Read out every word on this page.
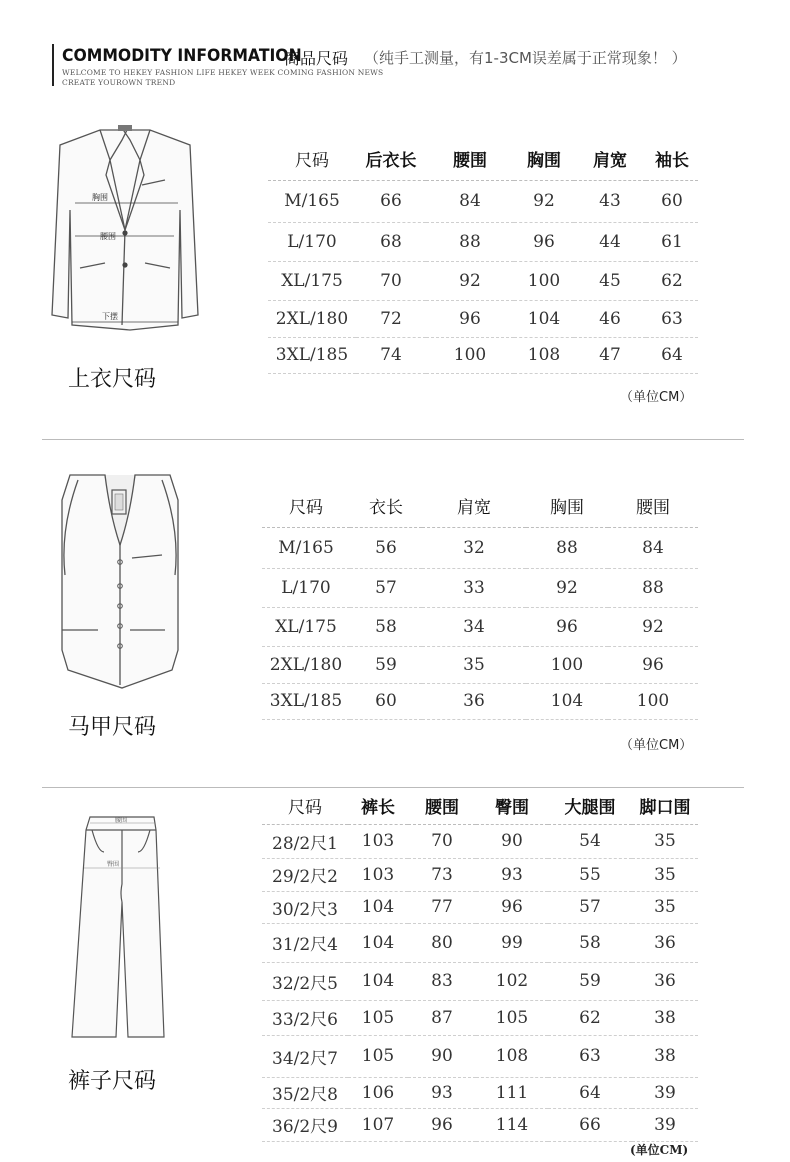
COMMODITY INFORMATION
商品尺码 （纯手工测量，有1-3CM误差属于正常现象！ ）
WELCOME TO HEKEY FASHION LIFE HEKEY WEEK COMING FASHION NEWS
CREATE YOUROWN TREND
胸围
腰围
下摆
上衣尺码
尺码	后衣长	腰围	胸围	肩宽	袖长
M/165	66	84	92	43	60
L/170	68	88	96	44	61
XL/175	70	92	100	45	62
2XL/180	72	96	104	46	63
3XL/185	74	100	108	47	64
（单位CM）
马甲尺码
尺码	衣长	肩宽	胸围	腰围
M/165	56	32	88	84
L/170	57	33	92	88
XL/175	58	34	96	92
2XL/180	59	35	100	96
3XL/185	60	36	104	100
（单位CM）
腰围
臀围
裤子尺码
尺码	裤长	腰围	臀围	大腿围	脚口围
28/2尺1	103	70	90	54	35
29/2尺2	103	73	93	55	35
30/2尺3	104	77	96	57	35
31/2尺4	104	80	99	58	36
32/2尺5	104	83	102	59	36
33/2尺6	105	87	105	62	38
34/2尺7	105	90	108	63	38
35/2尺8	106	93	111	64	39
36/2尺9	107	96	114	66	39
(单位CM)
